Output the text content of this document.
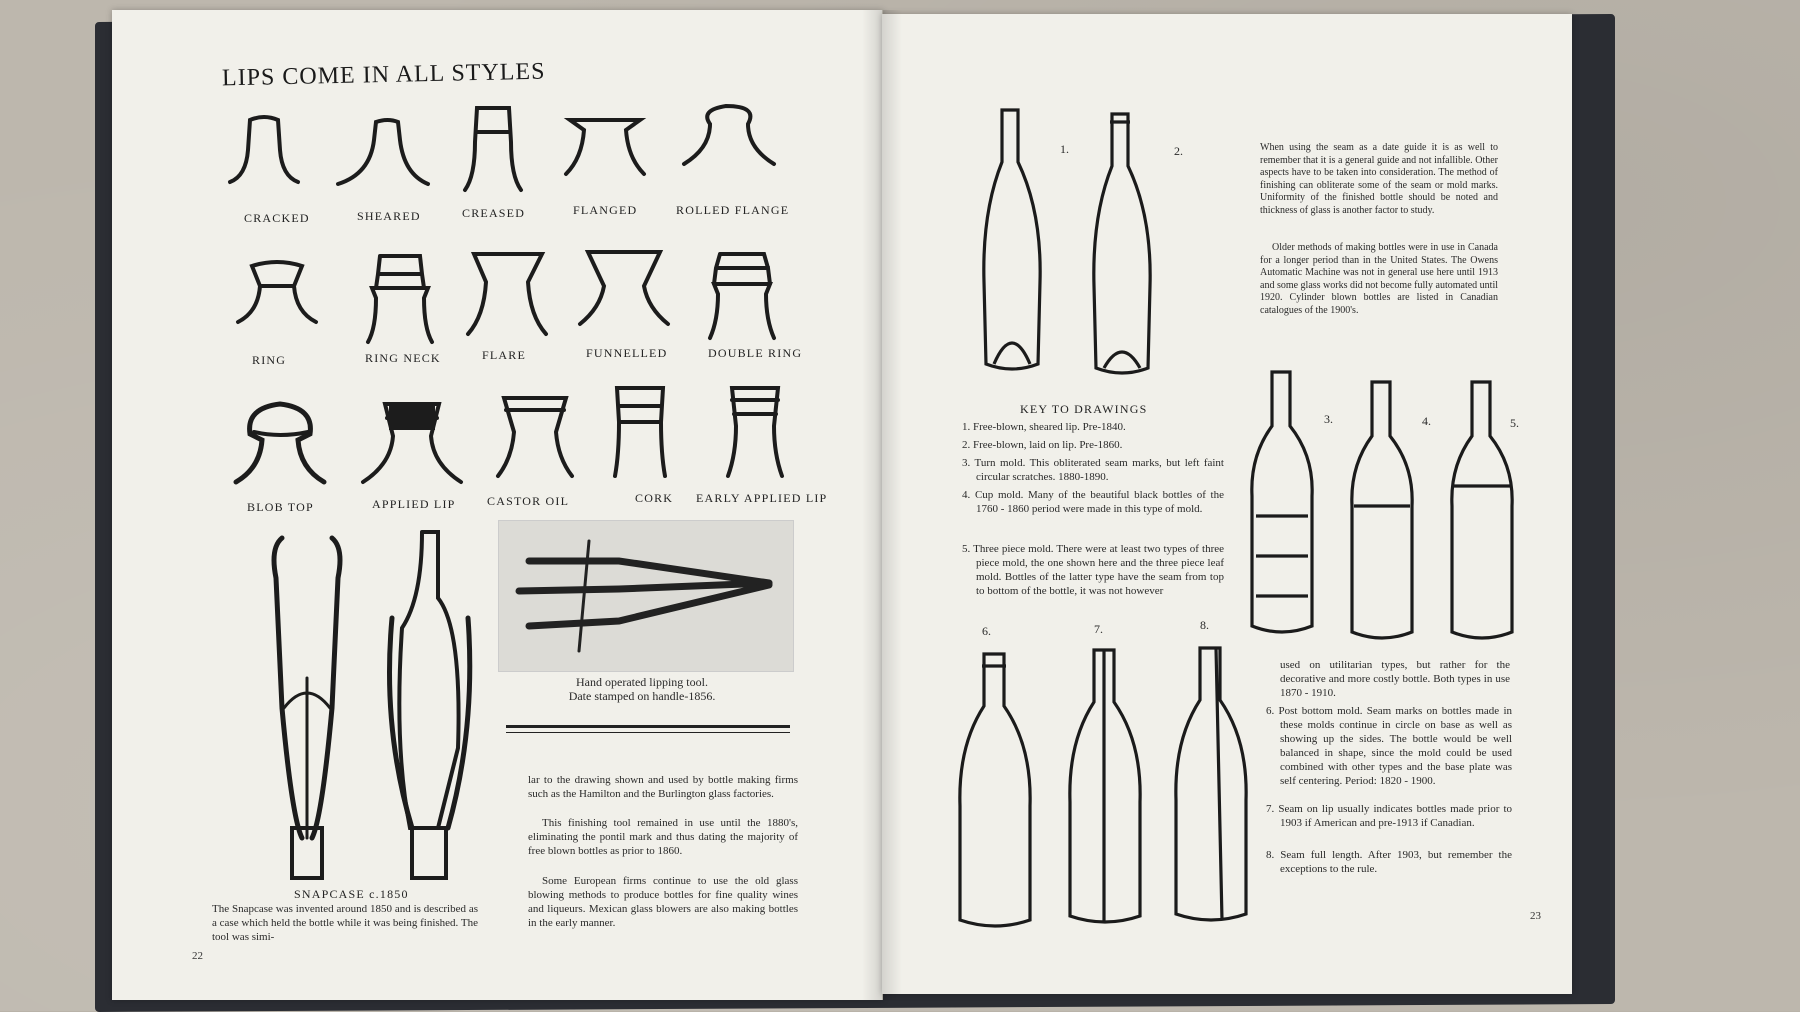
LIPS COME IN ALL STYLES
CRACKED	SHEARED	CREASED	FLANGED	ROLLED FLANGE
RING	RING NECK	FLARE	FUNNELLED	DOUBLE RING
BLOB TOP	APPLIED LIP	CASTOR OIL	CORK EARLY APPLIED LIP
Hand operated lipping tool.
Date stamped on handle-1856.
SNAPCASE c.1850
The Snapcase was invented around 1850 and is described as a case which held the bottle while it was being finished. The tool was simi-
lar to the drawing shown and used by bottle making firms such as the Hamilton and the Burlington glass factories.
This finishing tool remained in use until the 1880's, eliminating the pontil mark and thus dating the majority of free blown bottles as prior to 1860.
Some European firms continue to use the old glass blowing methods to produce bottles for fine quality wines and liqueurs. Mexican glass blowers are also making bottles in the early manner.
22
1.	2.	When using the seam as a date guide it is as well to remember that it is a general guide and not infallible. Other aspects have to be taken into consideration. The method of finishing can obliterate some of the seam or mold marks. Uniformity of the finished bottle should be noted and thickness of glass is another factor to study.
Older methods of making bottles were in use in Canada for a longer period than in the United States. The Owens Automatic Machine was not in general use here until 1913 and some glass works did not become fully automated until 1920. Cylinder blown bottles are listed in Canadian catalogues of the 1900's.
3.	4.	5.
KEY TO DRAWINGS
1. Free-blown, sheared lip. Pre-1840.
2. Free-blown, laid on lip. Pre-1860.
3. Turn mold. This obliterated seam marks, but left faint circular scratches. 1880-1890.
4. Cup mold. Many of the beautiful black bottles of the 1760 - 1860 period were made in this type of mold.
5. Three piece mold. There were at least two types of three piece mold, the one shown here and the three piece leaf mold. Bottles of the latter type have the seam from top to bottom of the bottle, it was not however
6.	7.	8.
used on utilitarian types, but rather for the decorative and more costly bottle. Both types in use 1870 - 1910.
6. Post bottom mold. Seam marks on bottles made in these molds continue in circle on base as well as showing up the sides. The bottle would be well balanced in shape, since the mold could be used combined with other types and the base plate was self centering. Period: 1820 - 1900.
7. Seam on lip usually indicates bottles made prior to 1903 if American and pre-1913 if Canadian.
8. Seam full length. After 1903, but remember the exceptions to the rule.
23
